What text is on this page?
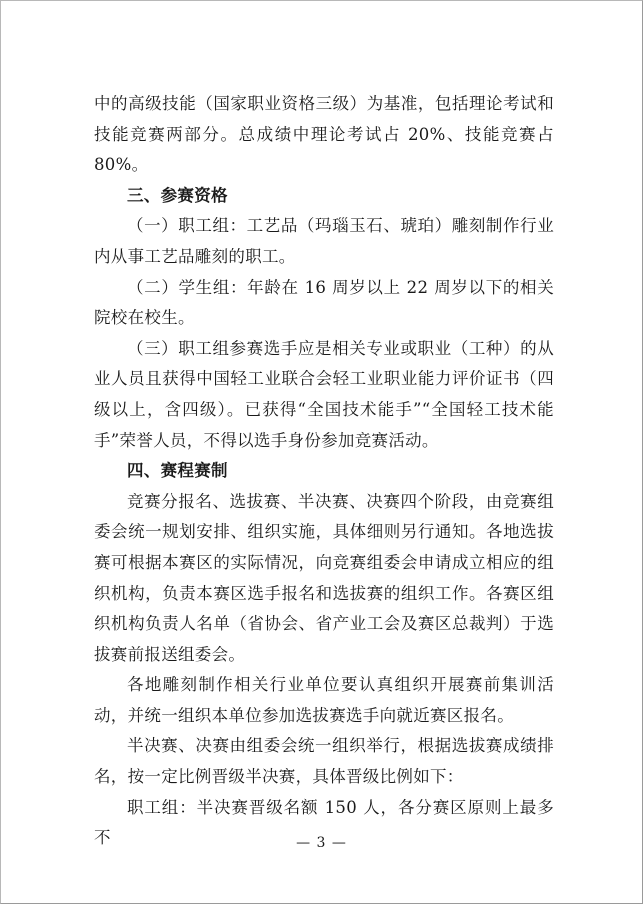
中的高级技能（国家职业资格三级）为基准，包括理论考试和技能竞赛两部分。总成绩中理论考试占 20%、技能竞赛占 80%。

三、参赛资格

（一）职工组：工艺品（玛瑙玉石、琥珀）雕刻制作行业内从事工艺品雕刻的职工。

（二）学生组：年龄在 16 周岁以上 22 周岁以下的相关院校在校生。

（三）职工组参赛选手应是相关专业或职业（工种）的从业人员且获得中国轻工业联合会轻工业职业能力评价证书（四级以上，含四级）。已获得“全国技术能手”“全国轻工技术能手”荣誉人员，不得以选手身份参加竞赛活动。

四、赛程赛制

竞赛分报名、选拔赛、半决赛、决赛四个阶段，由竞赛组委会统一规划安排、组织实施，具体细则另行通知。各地选拔赛可根据本赛区的实际情况，向竞赛组委会申请成立相应的组织机构，负责本赛区选手报名和选拔赛的组织工作。各赛区组织机构负责人名单（省协会、省产业工会及赛区总裁判）于选拔赛前报送组委会。

各地雕刻制作相关行业单位要认真组织开展赛前集训活动，并统一组织本单位参加选拔赛选手向就近赛区报名。

半决赛、决赛由组委会统一组织举行，根据选拔赛成绩排名，按一定比例晋级半决赛，具体晋级比例如下：

职工组：半决赛晋级名额 150 人，各分赛区原则上最多不	— 3 —
